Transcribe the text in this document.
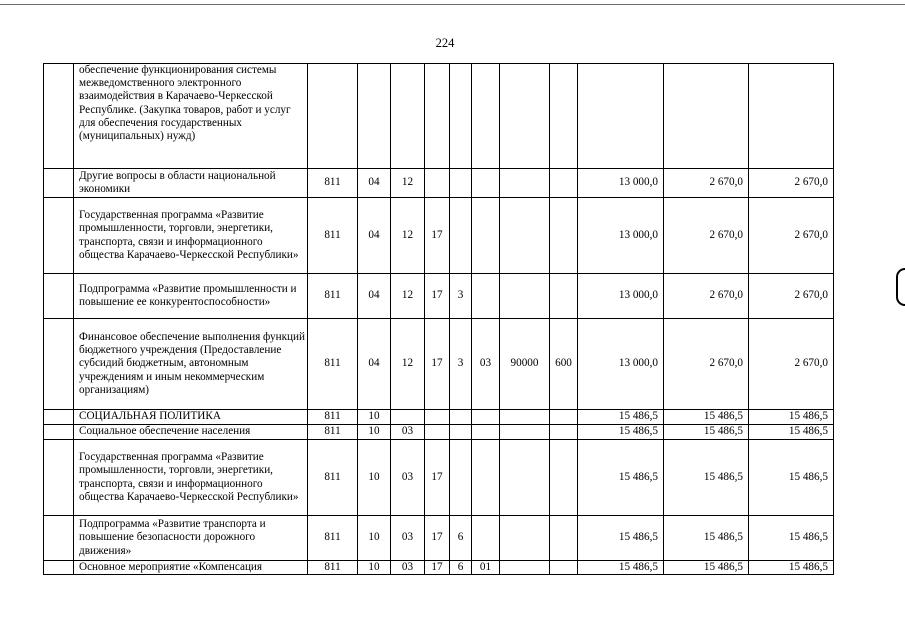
224
	обеспечение функционирования системы межведомственного электронного взаимодействия в Карачаево-Черкесской Республике. (Закупка товаров, работ и услуг для обеспечения государственных (муниципальных) нужд)											
	Другие вопросы в области национальной экономики	811	04	12						13 000,0	2 670,0	2 670,0
	Государственная программа «Развитие промышленности, торговли, энергетики, транспорта, связи и информационного общества Карачаево-Черкесской Республики»	811	04	12	17					13 000,0	2 670,0	2 670,0
	Подпрограмма «Развитие промышленности и повышение ее конкурентоспособности»	811	04	12	17	3				13 000,0	2 670,0	2 670,0
	Финансовое обеспечение выполнения функций бюджетного учреждения (Предоставление субсидий бюджетным, автономным учреждениям и иным некоммерческим организациям)	811	04	12	17	3	03	90000	600	13 000,0	2 670,0	2 670,0
	СОЦИАЛЬНАЯ ПОЛИТИКА	811	10							15 486,5	15 486,5	15 486,5
	Социальное обеспечение населения	811	10	03						15 486,5	15 486,5	15 486,5
	Государственная программа «Развитие промышленности, торговли, энергетики, транспорта, связи и информационного общества Карачаево-Черкесской Республики»	811	10	03	17					15 486,5	15 486,5	15 486,5
	Подпрограмма «Развитие транспорта и повышение безопасности дорожного движения»	811	10	03	17	6				15 486,5	15 486,5	15 486,5
	Основное мероприятие «Компенсация	811	10	03	17	6	01			15 486,5	15 486,5	15 486,5
